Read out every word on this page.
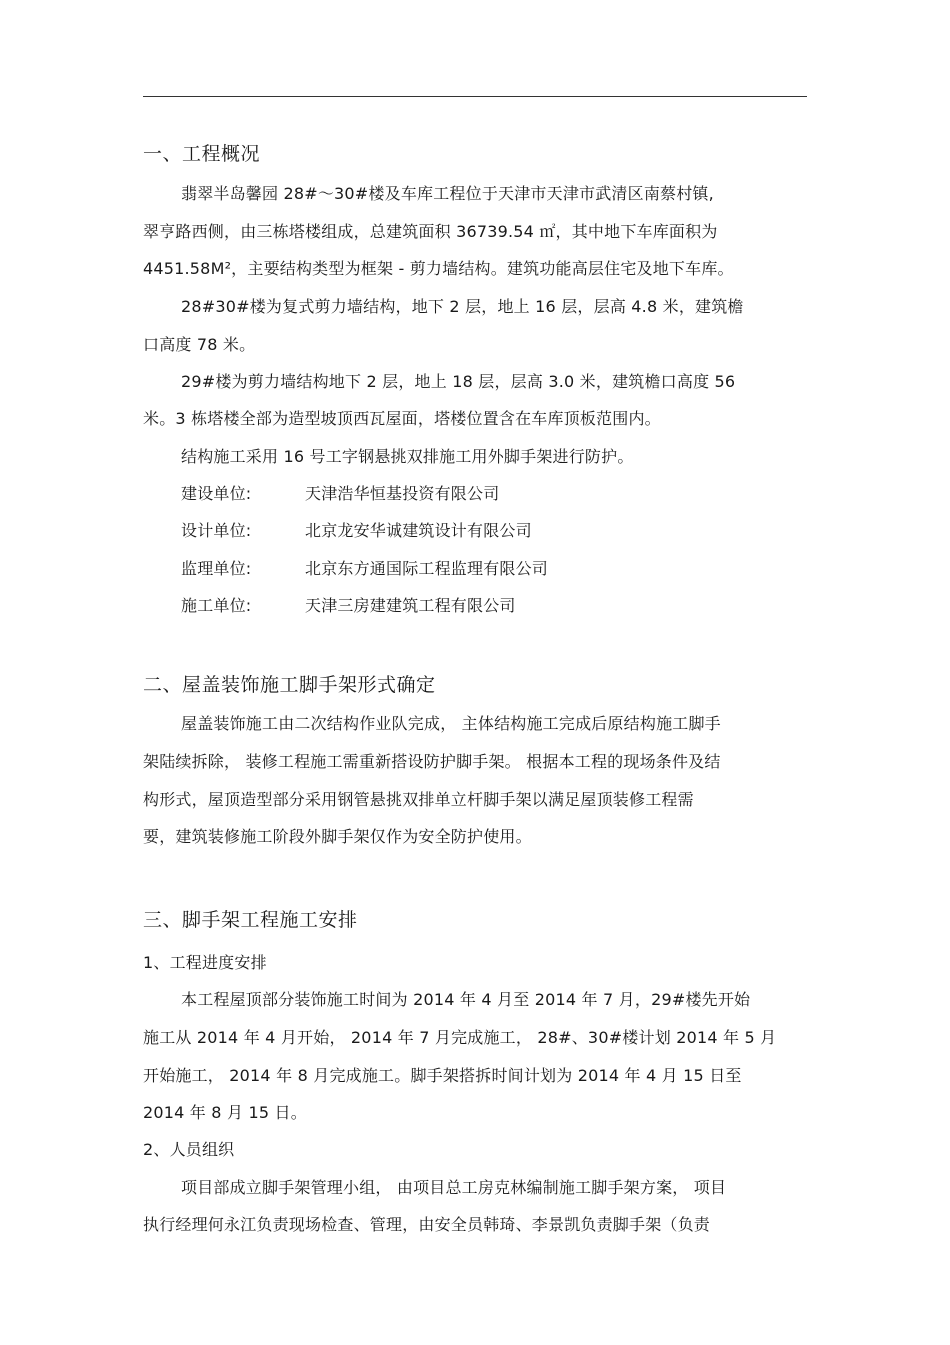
一、工程概况
翡翠半岛馨园 28#～30#楼及车库工程位于天津市天津市武清区南蔡村镇,
翠亨路西侧，由三栋塔楼组成，总建筑面积 36739.54 ㎡，其中地下车库面积为
4451.58M²，主要结构类型为框架 - 剪力墙结构。建筑功能高层住宅及地下车库。
28#30#楼为复式剪力墙结构，地下 2 层，地上 16 层，层高 4.8 米，建筑檐
口高度 78 米。
29#楼为剪力墙结构地下 2 层，地上 18 层，层高 3.0 米，建筑檐口高度 56
米。3 栋塔楼全部为造型坡顶西瓦屋面，塔楼位置含在车库顶板范围内。
结构施工采用 16 号工字钢悬挑双排施工用外脚手架进行防护。
建设单位:	天津浩华恒基投资有限公司
设计单位:	北京龙安华诚建筑设计有限公司
监理单位:	北京东方通国际工程监理有限公司
施工单位:	天津三房建建筑工程有限公司
二、屋盖装饰施工脚手架形式确定
屋盖装饰施工由二次结构作业队完成， 主体结构施工完成后原结构施工脚手
架陆续拆除， 装修工程施工需重新搭设防护脚手架。 根据本工程的现场条件及结
构形式，屋顶造型部分采用钢管悬挑双排单立杆脚手架以满足屋顶装修工程需
要，建筑装修施工阶段外脚手架仅作为安全防护使用。
三、脚手架工程施工安排
1、工程进度安排
本工程屋顶部分装饰施工时间为 2014 年 4 月至 2014 年 7 月，29#楼先开始
施工从 2014 年 4 月开始， 2014 年 7 月完成施工， 28#、30#楼计划 2014 年 5 月
开始施工， 2014 年 8 月完成施工。脚手架搭拆时间计划为 2014 年 4 月 15 日至
2014 年 8 月 15 日。
2、人员组织
项目部成立脚手架管理小组， 由项目总工房克林编制施工脚手架方案， 项目
执行经理何永江负责现场检查、管理，由安全员韩琦、李景凯负责脚手架（负责
